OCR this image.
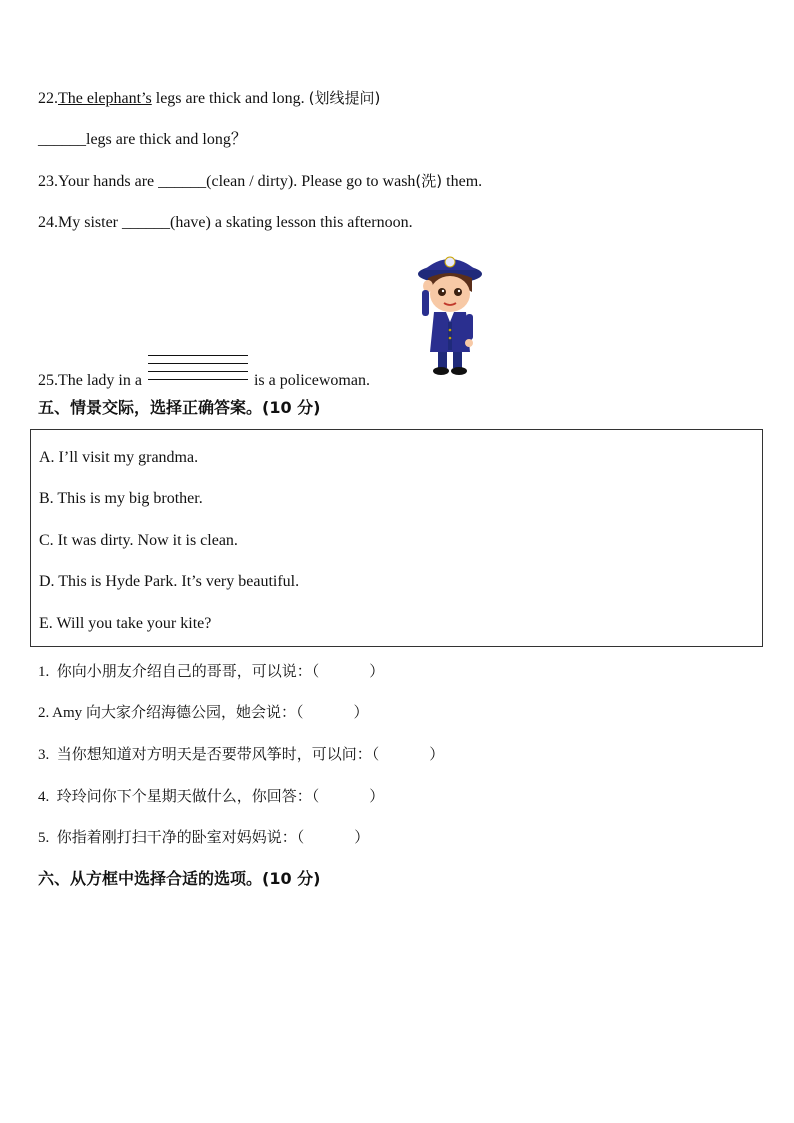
22.The elephant’s legs are thick and long. (划线提问)
______legs are thick and long？
23.Your hands are ______(clean / dirty). Please go to wash(洗) them.
24.My sister ______(have) a skating lesson this afternoon.
25.The lady in a	is a policewoman.
五、情景交际，选择正确答案。(10 分)
A. I’ll visit my grandma.
B. This is my big brother.
C. It was dirty. Now it is clean.
D. This is Hyde Park. It’s very beautiful.
E. Will you take your kite?
1. 你向小朋友介绍自己的哥哥，可以说：（	）
2. Amy 向大家介绍海德公园，她会说：（	）
3. 当你想知道对方明天是否要带风筝时，可以问：（	）
4. 玲玲问你下个星期天做什么，你回答：（	）
5. 你指着刚打扫干净的卧室对妈妈说：（	）
六、从方框中选择合适的选项。(10 分)
